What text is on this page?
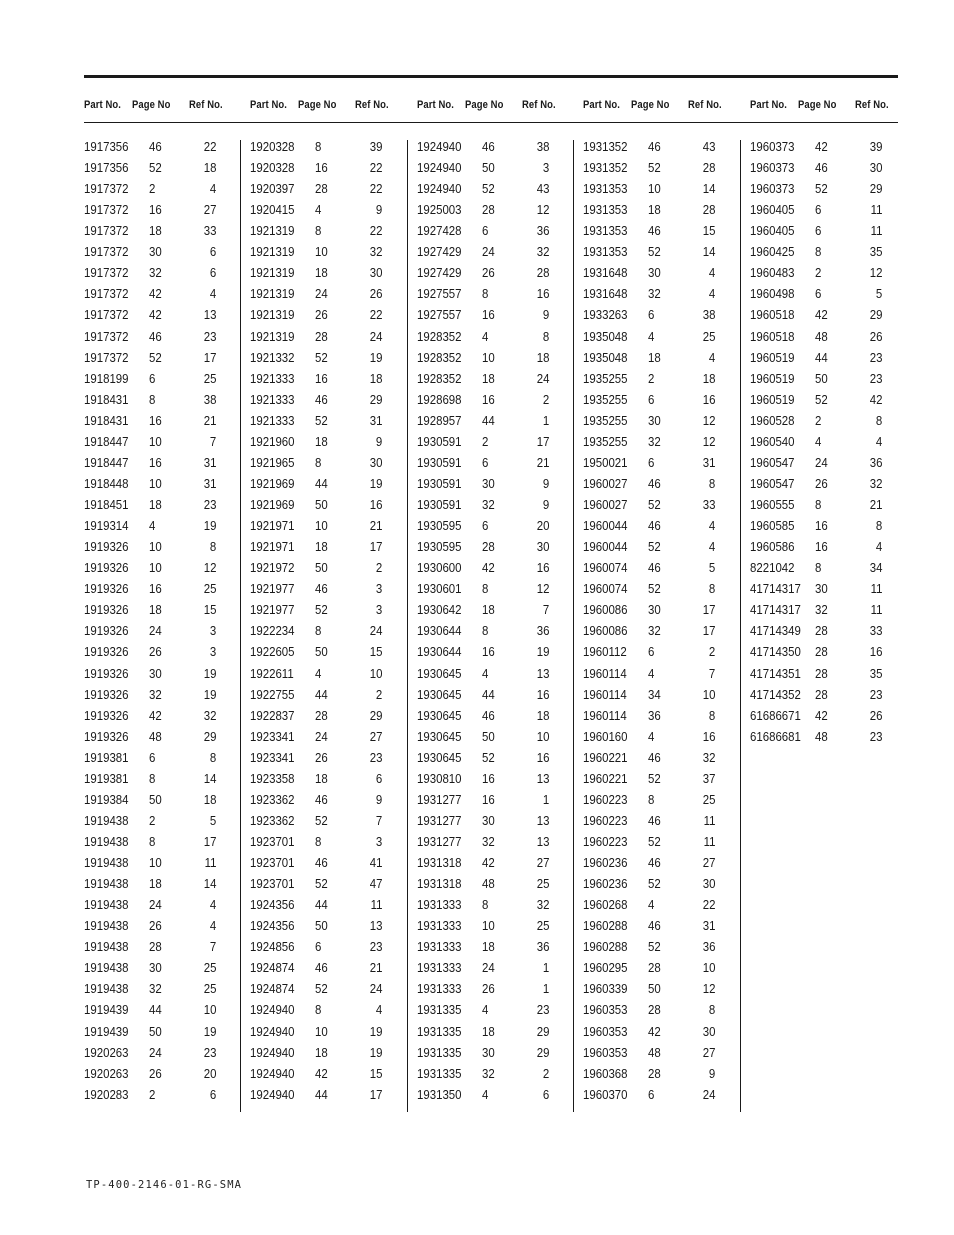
Part No. Page No Ref No. Part No. Page No Ref No.	Part No. Page No Ref No. Part No. Page No Ref No.	Part No. Page No Ref No.
1917356 46	22
1917356 52	18
1917372 2	4
1917372 16	27
1917372 18	33
1917372 30	6
1917372 32	6
1917372 42	4
1917372 42	13
1917372 46	23
1917372 52	17
1918199 6	25
1918431 8	38
1918431 16	21
1918447 10	7
1918447 16	31
1918448 10	31
1918451 18	23
1919314 4	19
1919326 10	8
1919326 10	12
1919326 16	25
1919326 18	15
1919326 24	3
1919326 26	3
1919326 30	19
1919326 32	19
1919326 42	32
1919326 48	29
1919381 6	8
1919381 8	14
1919384 50	18
1919438 2	5
1919438 8	17
1919438 10	11
1919438 18	14
1919438 24	4
1919438 26	4
1919438 28	7
1919438 30	25
1919438 32	25
1919439 44	10
1919439 50	19
1920263 24	23
1920263 26	20
1920283 2	6
1920328 8	39
1920328 16	22
1920397 28	22
1920415 4	9
1921319 8	22
1921319 10	32
1921319 18	30
1921319 24	26
1921319 26	22
1921319 28	24
1921332 52	19
1921333 16	18
1921333 46	29
1921333 52	31
1921960 18	9
1921965 8	30
1921969 44	19
1921969 50	16
1921971 10	21
1921971 18	17
1921972 50	2
1921977 46	3
1921977 52	3
1922234 8	24
1922605 50	15
1922611 4	10
1922755 44	2
1922837 28	29
1923341 24	27
1923341 26	23
1923358 18	6
1923362 46	9
1923362 52	7
1923701 8	3
1923701 46	41
1923701 52	47
1924356 44	11
1924356 50	13
1924856 6	23
1924874 46	21
1924874 52	24
1924940 8	4
1924940 10	19
1924940 18	19
1924940 42	15
1924940 44	17
1924940 46	38
1924940 50	3
1924940 52	43
1925003 28	12
1927428 6	36
1927429 24	32
1927429 26	28
1927557 8	16
1927557 16	9
1928352 4	8
1928352 10	18
1928352 18	24
1928698 16	2
1928957 44	1
1930591 2	17
1930591 6	21
1930591 30	9
1930591 32	9
1930595 6	20
1930595 28	30
1930600 42	16
1930601 8	12
1930642 18	7
1930644 8	36
1930644 16	19
1930645 4	13
1930645 44	16
1930645 46	18
1930645 50	10
1930645 52	16
1930810 16	13
1931277 16	1
1931277 30	13
1931277 32	13
1931318 42	27
1931318 48	25
1931333 8	32
1931333 10	25
1931333 18	36
1931333 24	1
1931333 26	1
1931335 4	23
1931335 18	29
1931335 30	29
1931335 32	2
1931350 4	6
1931352 46	43
1931352 52	28
1931353 10	14
1931353 18	28
1931353 46	15
1931353 52	14
1931648 30	4
1931648 32	4
1933263 6	38
1935048 4	25
1935048 18	4
1935255 2	18
1935255 6	16
1935255 30	12
1935255 32	12
1950021 6	31
1960027 46	8
1960027 52	33
1960044 46	4
1960044 52	4
1960074 46	5
1960074 52	8
1960086 30	17
1960086 32	17
1960112 6	2
1960114 4	7
1960114 34	10
1960114 36	8
1960160 4	16
1960221 46	32
1960221 52	37
1960223 8	25
1960223 46	11
1960223 52	11
1960236 46	27
1960236 52	30
1960268 4	22
1960288 46	31
1960288 52	36
1960295 28	10
1960339 50	12
1960353 28	8
1960353 42	30
1960353 48	27
1960368 28	9
1960370 6	24
1960373 42	39
1960373 46	30
1960373 52	29
1960405 6	11
1960405 6	11
1960425 8	35
1960483 2	12
1960498 6	5
1960518 42	29
1960518 48	26
1960519 44	23
1960519 50	23
1960519 52	42
1960528 2	8
1960540 4	4
1960547 24	36
1960547 26	32
1960555 8	21
1960585 16	8
1960586 16	4
8221042 8	34
41714317 30	11
41714317 32	11
41714349 28	33
41714350 28	16
41714351 28	35
41714352 28	23
61686671 42	26
61686681 48	23
TP-400-2146-01-RG-SMA
